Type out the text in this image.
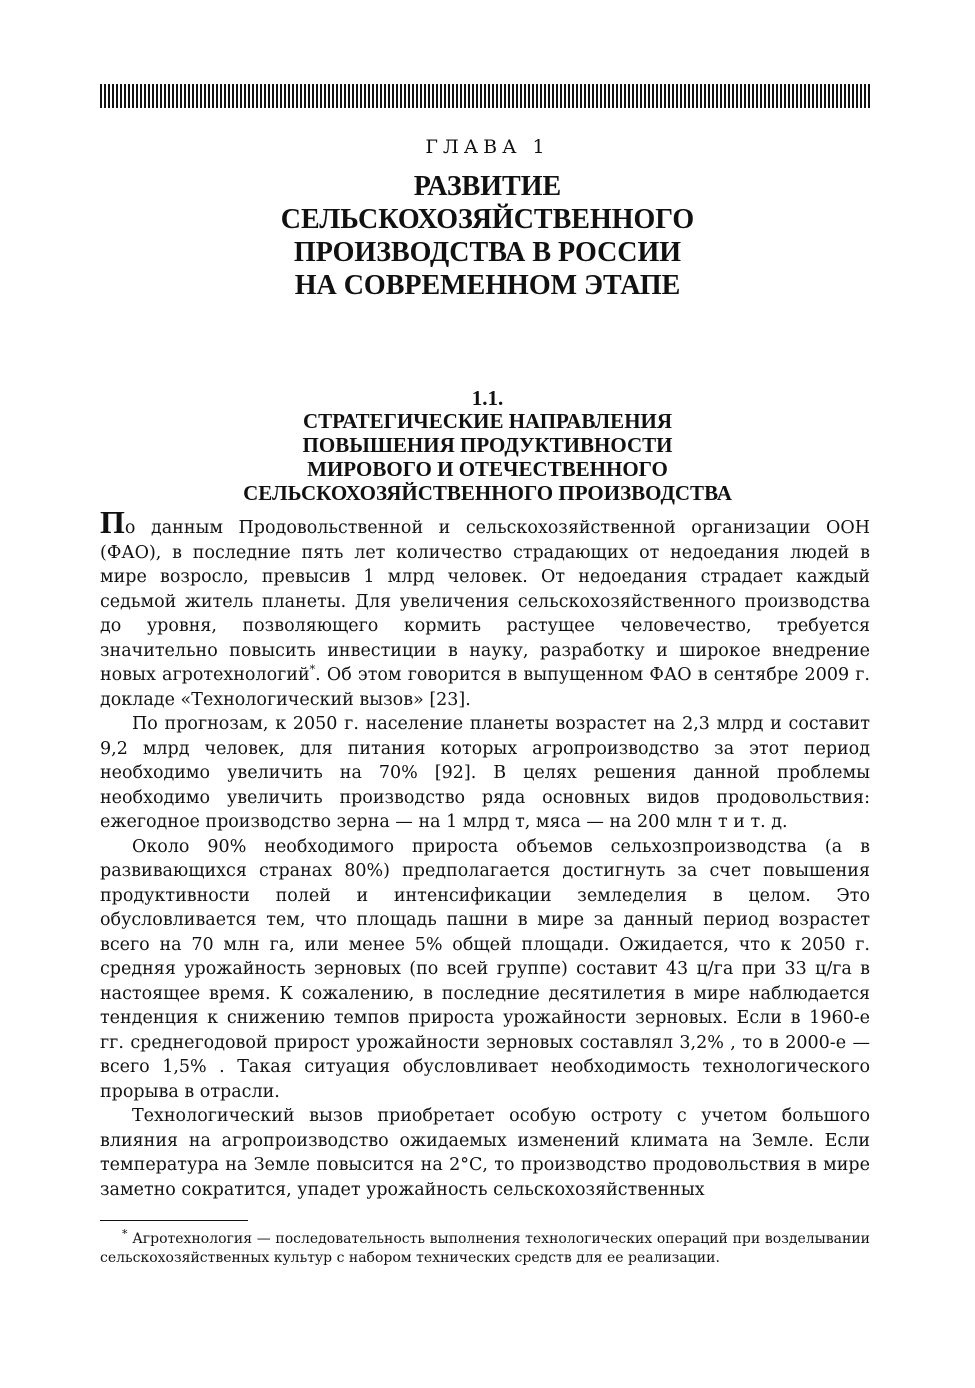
ГЛАВА 1
РАЗВИТИЕ
СЕЛЬСКОХОЗЯЙСТВЕННОГО
ПРОИЗВОДСТВА В РОССИИ
НА СОВРЕМЕННОМ ЭТАПЕ
1.1.
СТРАТЕГИЧЕСКИЕ НАПРАВЛЕНИЯ
ПОВЫШЕНИЯ ПРОДУКТИВНОСТИ
МИРОВОГО И ОТЕЧЕСТВЕННОГО
СЕЛЬСКОХОЗЯЙСТВЕННОГО ПРОИЗВОДСТВА

По данным Продовольственной и сельскохозяйственной организации ООН (ФАО), в последние пять лет количество страдающих от недоедания людей в мире возросло, превысив 1 млрд человек. От недоедания страдает каждый седьмой житель планеты. Для увеличения сельскохозяйственного производства до уровня, позволяющего кормить растущее человечество, требуется значительно повысить инвестиции в науку, разработку и широкое внедрение новых агротехнологий*. Об этом говорится в выпущенном ФАО в сентябре 2009 г. докладе «Технологический вызов» [23].

По прогнозам, к 2050 г. население планеты возрастет на 2,3 млрд и составит 9,2 млрд человек, для питания которых агропроизводство за этот период необходимо увеличить на 70% [92]. В целях решения данной проблемы необходимо увеличить производство ряда основных видов продовольствия: ежегодное производство зерна — на 1 млрд т, мяса — на 200 млн т и т. д.

Около 90% необходимого прироста объемов сельхозпроизводства (а в развивающихся странах 80%) предполагается достигнуть за счет повышения продуктивности полей и интенсификации земледелия в целом. Это обусловливается тем, что площадь пашни в мире за данный период возрастет всего на 70 млн га, или менее 5% общей площади. Ожидается, что к 2050 г. средняя урожайность зерновых (по всей группе) составит 43 ц/га при 33 ц/га в настоящее время. К сожалению, в последние десятилетия в мире наблюдается тенденция к снижению темпов прироста урожайности зерновых. Если в 1960-е гг. среднегодовой прирост урожайности зерновых составлял 3,2% , то в 2000-е — всего 1,5% . Такая ситуация обусловливает необходимость технологического прорыва в отрасли.

Технологический вызов приобретает особую остроту с учетом большого влияния на агропроизводство ожидаемых изменений климата на Земле. Если температура на Земле повысится на 2°С, то производство продовольствия в мире заметно сократится, упадет урожайность сельскохозяйственных

* Агротехнология — последовательность выполнения технологических операций при возделывании сельскохозяйственных культур с набором технических средств для ее реализации.
